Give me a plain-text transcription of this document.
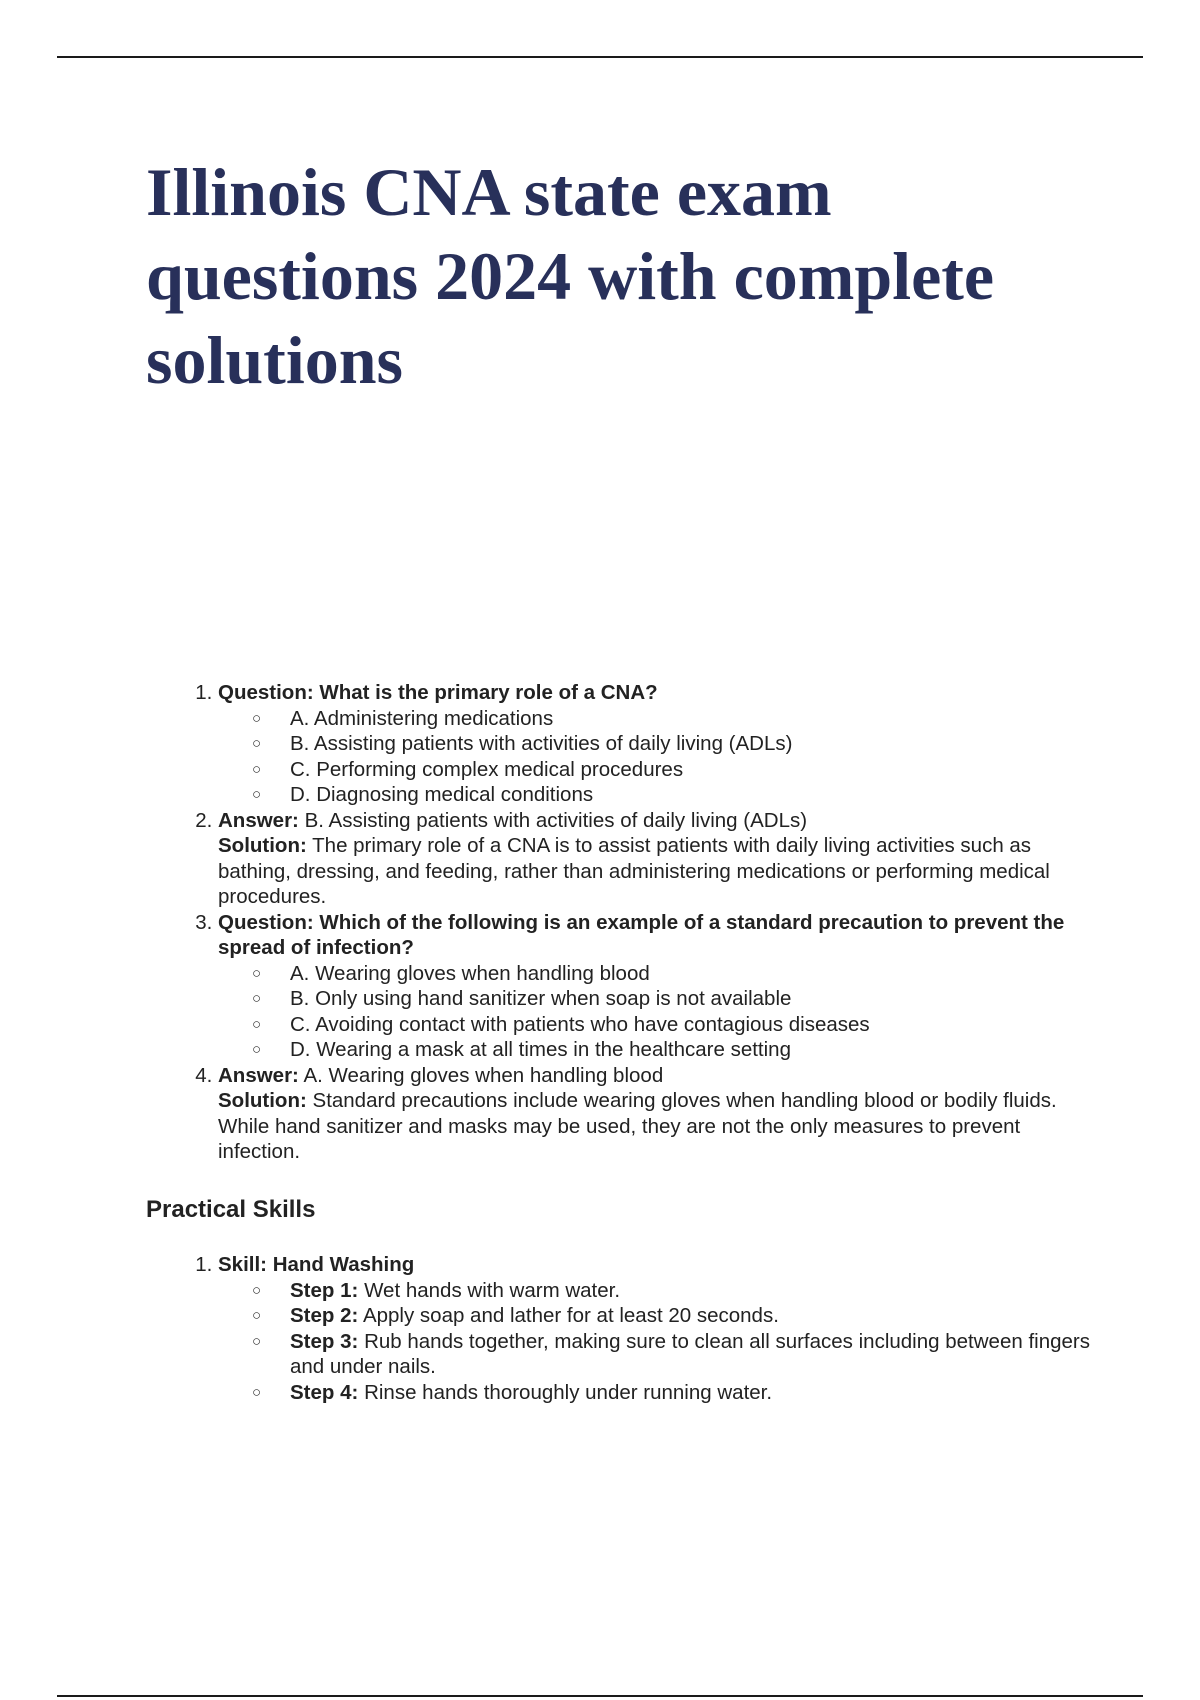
Illinois CNA state exam questions 2024 with complete solutions
1. Question: What is the primary role of a CNA?
○ A. Administering medications
○ B. Assisting patients with activities of daily living (ADLs)
○ C. Performing complex medical procedures
○ D. Diagnosing medical conditions
2. Answer: B. Assisting patients with activities of daily living (ADLs)
Solution: The primary role of a CNA is to assist patients with daily living activities such as bathing, dressing, and feeding, rather than administering medications or performing medical procedures.
3. Question: Which of the following is an example of a standard precaution to prevent the spread of infection?
○ A. Wearing gloves when handling blood
○ B. Only using hand sanitizer when soap is not available
○ C. Avoiding contact with patients who have contagious diseases
○ D. Wearing a mask at all times in the healthcare setting
4. Answer: A. Wearing gloves when handling blood
Solution: Standard precautions include wearing gloves when handling blood or bodily fluids. While hand sanitizer and masks may be used, they are not the only measures to prevent infection.
Practical Skills
1. Skill: Hand Washing
○ Step 1: Wet hands with warm water.
○ Step 2: Apply soap and lather for at least 20 seconds.
○ Step 3: Rub hands together, making sure to clean all surfaces including between fingers and under nails.
○ Step 4: Rinse hands thoroughly under running water.
